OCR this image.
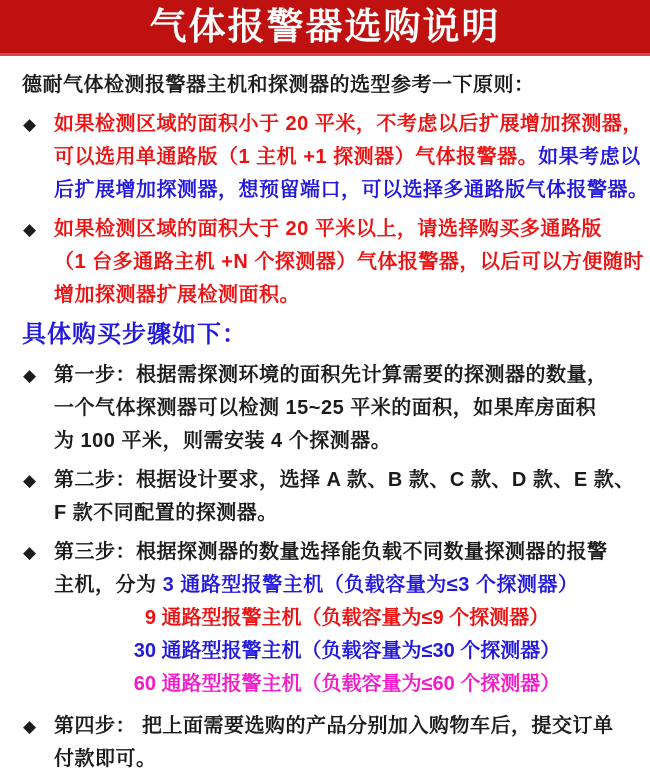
气体报警器选购说明

德耐气体检测报警器主机和探测器的选型参考一下原则：

◆ 如果检测区域的面积小于 20 平米，不考虑以后扩展增加探测器，
可以选用单通路版（1 主机 +1 探测器）气体报警器。如果考虑以
后扩展增加探测器，想预留端口，可以选择多通路版气体报警器。
◆ 如果检测区域的面积大于 20 平米以上，请选择购买多通路版
（1 台多通路主机 +N 个探测器）气体报警器，以后可以方便随时
增加探测器扩展检测面积。
具体购买步骤如下：
◆ 第一步：根据需探测环境的面积先计算需要的探测器的数量，
一个气体探测器可以检测 15~25 平米的面积，如果库房面积
为 100 平米，则需安装 4 个探测器。
◆ 第二步：根据设计要求，选择 A 款、B 款、C 款、D 款、E 款、
F 款不同配置的探测器。
◆ 第三步：根据探测器的数量选择能负载不同数量探测器的报警
主机，分为 3 通路型报警主机（负载容量为≤3 个探测器）
9 通路型报警主机（负载容量为≤9 个探测器）
30 通路型报警主机（负载容量为≤30 个探测器）
60 通路型报警主机（负载容量为≤60 个探测器）
◆ 第四步： 把上面需要选购的产品分别加入购物车后，提交订单
付款即可。
